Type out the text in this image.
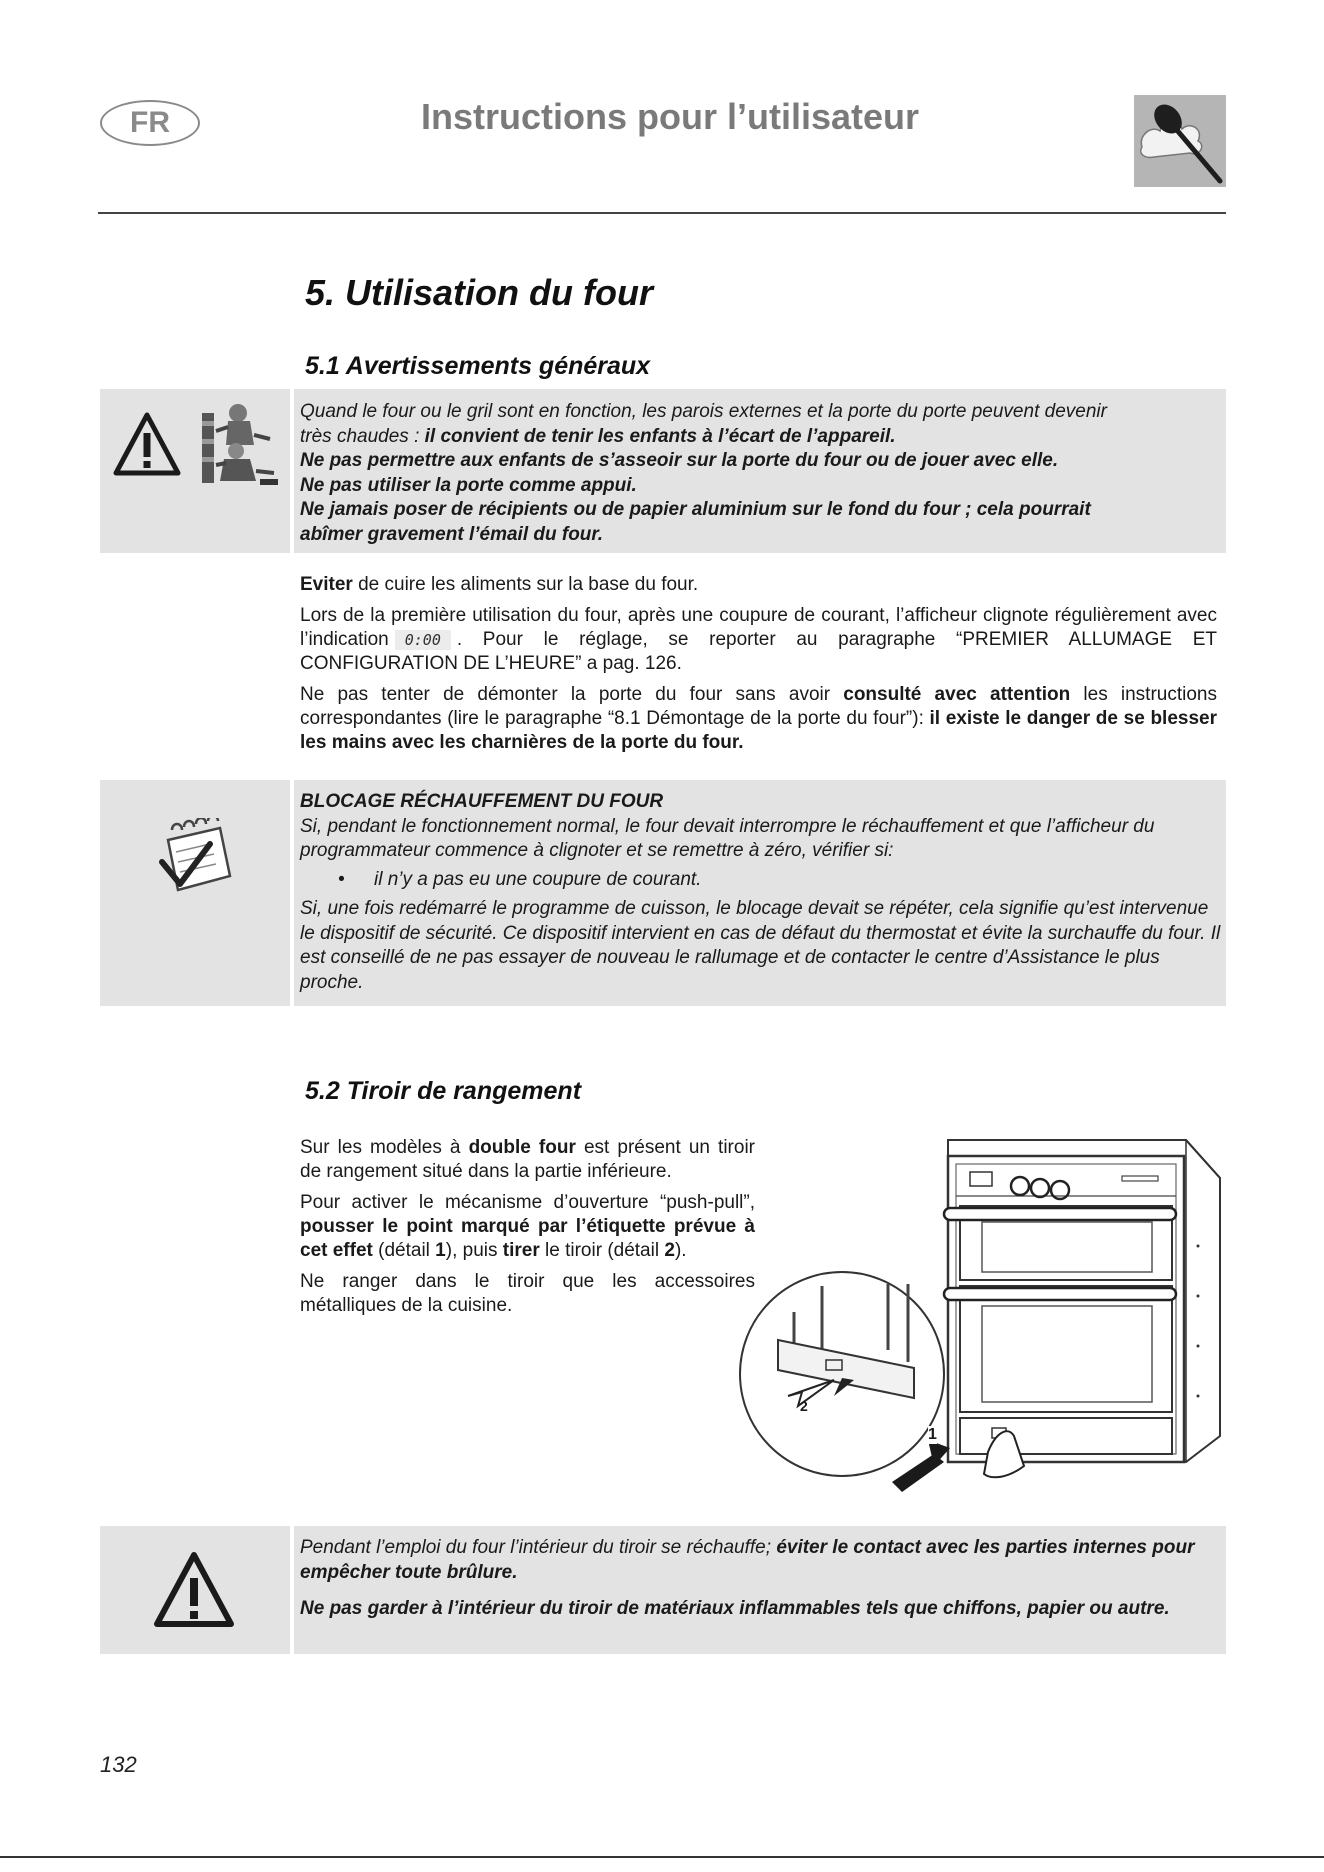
FR	Instructions pour l’utilisateur
5. Utilisation du four
5.1 Avertissements généraux

Quand le four ou le gril sont en fonction, les parois externes et la porte du porte peuvent devenir

très chaudes : il convient de tenir les enfants à l’écart de l’appareil.

Ne pas permettre aux enfants de s’asseoir sur la porte du four ou de jouer avec elle.

Ne pas utiliser la porte comme appui.

Ne jamais poser de récipients ou de papier aluminium sur le fond du four ; cela pourrait

abîmer gravement l’émail du four.

Eviter de cuire les aliments sur la base du four.

Lors de la première utilisation du four, après une coupure de courant, l’afficheur clignote régulièrement avec l’indication 0:00 . Pour le réglage, se reporter au paragraphe “PREMIER ALLUMAGE ET CONFIGURATION DE L’HEURE” a pag. 126.

Ne pas tenter de démonter la porte du four sans avoir consulté avec attention les instructions correspondantes (lire le paragraphe “8.1 Démontage de la porte du four”): il existe le danger de se blesser les mains avec les charnières de la porte du four.

BLOCAGE RÉCHAUFFEMENT DU FOUR

Si, pendant le fonctionnement normal, le four devait interrompre le réchauffement et que l’afficheur du programmateur commence à clignoter et se remettre à zéro, vérifier si:

•	il n’y a pas eu une coupure de courant.

Si, une fois redémarré le programme de cuisson, le blocage devait se répéter, cela signifie qu’est intervenue le dispositif de sécurité. Ce dispositif intervient en cas de défaut du thermostat et évite la surchauffe du four. Il est conseillé de ne pas essayer de nouveau le rallumage et de contacter le centre d’Assistance le plus proche.

5.2 Tiroir de rangement

Sur les modèles à double four est présent un tiroir de rangement situé dans la partie inférieure.

Pour activer le mécanisme d’ouverture “push-pull”, pousser le point marqué par l’étiquette prévue à cet effet (détail 1), puis tirer le tiroir (détail 2).

Ne ranger dans le tiroir que les accessoires métalliques de la cuisine.

1
2

Pendant l’emploi du four l’intérieur du tiroir se réchauffe; éviter le contact avec les parties internes pour empêcher toute brûlure.

Ne pas garder à l’intérieur du tiroir de matériaux inflammables tels que chiffons, papier ou autre.

132
